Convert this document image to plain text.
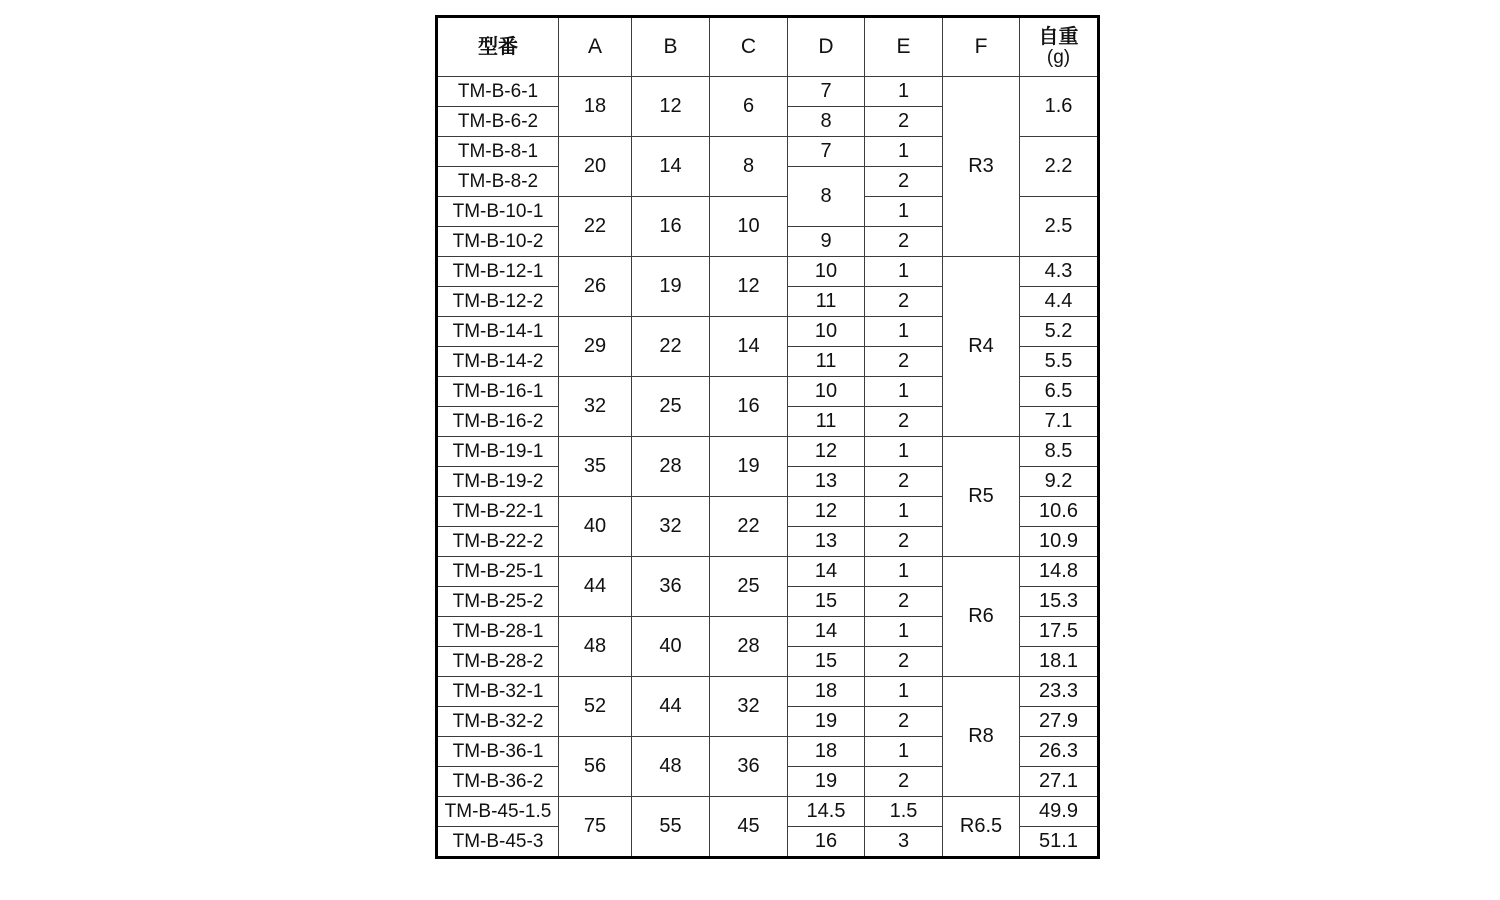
型番	A	B	C	D	E	F	自重
(g)

TM-B-6-1	18	12	6	7	1	R3	1.6
TM-B-6-2				8	2		
TM-B-8-1	20	14	8	7	1		2.2
TM-B-8-2				8	2		
TM-B-10-1	22	16	10		1		2.5
TM-B-10-2				9	2		
TM-B-12-1	26	19	12	10	1	R4	4.3
TM-B-12-2				11	2		4.4
TM-B-14-1	29	22	14	10	1		5.2
TM-B-14-2				11	2		5.5
TM-B-16-1	32	25	16	10	1		6.5
TM-B-16-2				11	2		7.1
TM-B-19-1	35	28	19	12	1	R5	8.5
TM-B-19-2				13	2		9.2
TM-B-22-1	40	32	22	12	1		10.6
TM-B-22-2				13	2		10.9
TM-B-25-1	44	36	25	14	1	R6	14.8
TM-B-25-2				15	2		15.3
TM-B-28-1	48	40	28	14	1		17.5
TM-B-28-2				15	2		18.1
TM-B-32-1	52	44	32	18	1	R8	23.3
TM-B-32-2				19	2		27.9
TM-B-36-1	56	48	36	18	1		26.3
TM-B-36-2				19	2		27.1
TM-B-45-1.5	75	55	45	14.5	1.5	R6.5	49.9
TM-B-45-3				16	3		51.1
